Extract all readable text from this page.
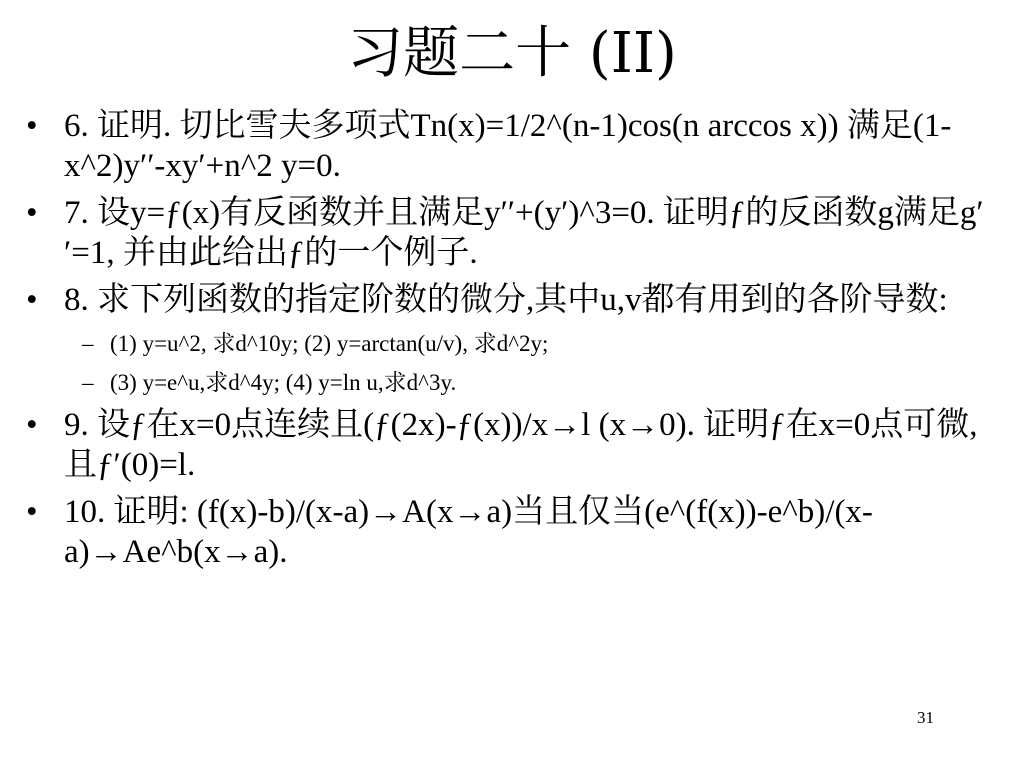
习题二十 (II)
• 6. 证明. 切比雪夫多项式Tn(x)=1/2^(n-1)cos(n arccos x)) 满足(1-x^2)y′′-xy′+n^2 y=0.
• 7. 设y=ƒ(x)有反函数并且满足y′′+(y′)^3=0. 证明ƒ的反函数g满足g′′=1, 并由此给出ƒ的一个例子.
• 8. 求下列函数的指定阶数的微分,其中u,v都有用到的各阶导数:
– (1) y=u^2, 求d^10y; (2) y=arctan(u/v), 求d^2y;
– (3) y=e^u,求d^4y; (4) y=ln u,求d^3y.
• 9. 设ƒ在x=0点连续且(ƒ(2x)-ƒ(x))/x→l (x→0). 证明ƒ在x=0点可微, 且ƒ′(0)=l.
• 10. 证明: (f(x)-b)/(x-a)→A(x→a)当且仅当(e^(f(x))-e^b)/(x-a)→Ae^b(x→a).
31
